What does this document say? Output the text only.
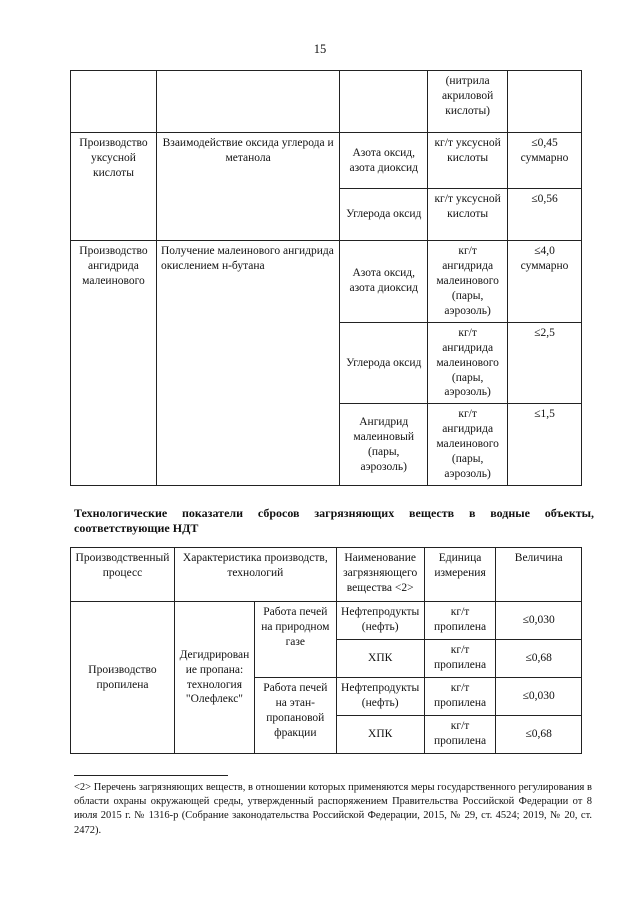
15
			(нитрила акриловой кислоты)	
Производство уксусной кислоты	Взаимодействие оксида углерода и метанола	Азота оксид, азота диоксид	кг/т уксусной кислоты	≤0,45 суммарно
		Углерода оксид	кг/т уксусной кислоты	≤0,56
Производство ангидрида малеинового	Получение малеинового ангидрида окислением н-бутана	Азота оксид, азота диоксид	кг/т ангидрида малеинового (пары, аэрозоль)	≤4,0 суммарно
		Углерода оксид	кг/т ангидрида малеинового (пары, аэрозоль)	≤2,5
		Ангидрид малеиновый (пары, аэрозоль)	кг/т ангидрида малеинового (пары, аэрозоль)	≤1,5
Технологические показатели сбросов загрязняющих веществ в водные объекты,
соответствующие НДТ
Производственный процесс	Характеристика производств, технологий		Наименование загрязняющего вещества <2>	Единица измерения	Величина
Производство пропилена	Дегидрирован ие пропана: технология "Олефлекс"	Работа печей на природном газе	Нефтепродукты (нефть)	кг/т пропилена	≤0,030
			ХПК	кг/т пропилена	≤0,68
		Работа печей на этан-пропановой фракции	Нефтепродукты (нефть)	кг/т пропилена	≤0,030
			ХПК	кг/т пропилена	≤0,68
<2> Перечень загрязняющих веществ, в отношении которых применяются меры государственного регулирования в области охраны окружающей среды, утвержденный распоряжением Правительства Российской Федерации от 8 июля 2015 г. № 1316-р (Собрание законодательства Российской Федерации, 2015, № 29, ст. 4524; 2019, № 20, ст. 2472).
